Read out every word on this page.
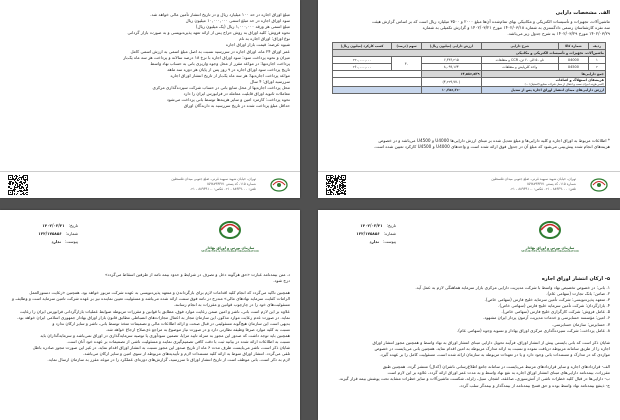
مبلغ اوراق اجاره در حد ۱۰۰ میلیارد ریال و در تاریخ انتشار تأمین مالی خواهد شد.
سود اوراق اجاره در حد مبلغ اسمی ۱۰,۰۰۰,۰۰۰ میلیون ریال
مبلغ اسمی هر ورقه ۱,۰۰۰,۰۰۰ ریال (یک میلیون ریال)
نحوه فروش: کلیه اوراق به روش حراج پس از ارائه تعهد پذیره‌نویسی و به صورت بازار گردانی
نوع اوراق: اوراق اجاره به نام
شیوه عرضه: قیمت بازار اوراق اجاره
عمر اوراق ۲۴ ماه، اوراق اجاره در سررسید نسبت به اصل مبلغ اسمی به ارزش اسمی کامل
میزان و نحوه پرداخت سود: سود اوراق اجاره با نرخ ۱۸ درصد سالانه و پرداخت هر سه ماه یک‌بار
پرداخت اجاره‌بها: در مواعد مقرر از محل وجوه واریزی بانی به حساب نهاد واسط
تاریخ پرداخت سود اوراق اجاره در ۹ روز پس از پایان هر دوره سه ماهه
مواعد پرداخت اجاره‌بها: هر سه ماه یک‌بار از تاریخ انتشار اوراق اجاره
سررسید اوراق: ۴ سال
محل پرداخت اجاره‌بها از محل منابع بانی در حساب شرکت سپرده‌گذاری مرکزی
معاملات ثانویه اوراق قابلیت معامله در فرابورس ایران را دارد
نحوه پرداخت: کارمزد امین و سایر هزینه‌ها توسط بانی پرداخت می‌شود
حداقل مبلغ پرداخت شده در تاریخ سررسید به دارندگان اوراق
تهران، خیابان شهید سپهبد قرنی، ضلع جنوبی میدان فلسطین
شماره ۱۱۵، کد پستی ۱۵۹۸۷۹۴۳۷۱
تلفن: ۸۸۹۳۹۰۰۰ - ۰۲۱ فکس: ۸۸۹۳۹۱۰۰ - ۰۲۱
الف. مشخصات دارایی
ماشین‌آلات، تجهیزات و تأسیسات الکتریکی و مکانیکی بهای تمام‌شده آن‌ها مبلغ ۲۰۰۰ و ۳۵۰۰ میلیارد ریال است که بر اساس گزارش هیئت
سه نفره کارشناسان رسمی دادگستری به شماره ۱۴۰۲/۰۳/۱۸ مورخ ۱۴۰۲/۰۳/۲۱ و گزارش تکمیلی به شماره
۱۴۰۲/۰۳/۲۹ مورخ ۱۴۰۲/۰۳/۲۹ به شرح جدول زیر می‌باشد.
ردیف	شماره کالا	شرح دارایی	ارزش دارایی (میلیون ریال)	سهم (درصد)	کسب کارکرد (میلیون ریال)
ماشین‌آلات، تجهیزات و تأسیسات الکتریکی و مکانیکی					
۱	U4000	ناو ۵۰ الی ۶۰ تن، CCR و متعلقات	۶,۳۳۶,۲۱۵	۳۰	۲۲۰,۰۰۰,۰۰۰
۲	U4500	واحد کلرپایش و متعلقات	۸,۰۹۹,۱۶۴		۲۶۰,۰۰۰,۰۰۰
جمع دارایی‌ها			۱۴,۵۸۶,۵۲۹		

هزینه‌های استهلاک و اضافات
(کسر هزینه اجرای نصب و انتقال از محل شرکت صنایع (لاستیک) ...)			(۴,۲۲۹,۷۷۰)		
ارزش دارایی‌های مبنای انتشار اوراق اجاره پس از تعدیل			۱۰,۳۵۶,۳۶۰		
* اطلاعات مربوط به اوراق اجاره و کلیه دارایی‌ها و مبلغ تعدیل شده بر مبنای ارزش دارایی‌ها U4000 و U4500 می‌باشد و در خصوص
هزینه‌های انجام شده پیش‌بینی می‌شود که مبلغ آن در جدول فوق ارائه شده است و واحدهای U4000 و U4500 کارکرد تعیین شده است.
تهران، خیابان شهید سپهبد قرنی، ضلع جنوبی میدان فلسطین
شماره ۱۱۵، کد پستی ۱۵۹۸۷۹۴۳۷۱
تلفن: ۸۸۹۳۹۰۰۰ - ۰۲۱ فکس: ۸۸۹۳۹۱۰۰ - ۰۲۱
تاریخ:۱۴۰۲/۰۳/۲۱
شماره:۱۲۲/۱۷۵۸۵۶
پیوست:ندارد
سازمان بورس و اوراق بهادار
SECURITIES & EXCHANGE ORGANIZATION
د. متن بیمه‌نامه عبارت «حق هرگونه دخل و تصرف در شرایط و حدود بیمه نامه از طرفین اسقاط می‌گردد»
درج شود.

همچنین تاکید می‌گردد که انجام کلیه اقدامات لازم برای بازگرداندن و متعهد پذیره‌نویسی به عهده شرکت مزبور خواهد بود. همچنین «رعایت دستورالعمل
الزامات کفایت سرمایه نهادهای مالی» مندرج در نامه فوق سمت ارائه شده می‌باشد و مسئولیت تعیین نماینده نیز بر عهده شرکت تامین سرمایه است و وظایف و
مسئولیت‌های خود را در چارچوب قوانین و مقررات به انجام رسانند.
علاوه بر این لازم است بانی، ناشر و امین ضمن رعایت موارد فوق، مطابق با قوانین و مقررات مربوطه ضوابط عملیات بازارگردانی فرابورس ایران را رعایت
نماید. در صورت عدم رعایت موارد مذکور، این سازمان مجاز به اعمال مجازات‌های انضباطی مطابق قانون بازار اوراق بهادار جمهوری اسلامی ایران خواهد بود.
بدیهی است این سازمان هیچ‌گونه مسئولیتی در قبال صحت و ارائه اطلاعات مالی و تصمیمات متخذ توسط بانی، ناشر و سایر ارکان ندارد و
نسبت به کلیه موارد صرفا وظیفه نظارتی دارد و در صورت نیاز موضوع به مراجع ذی‌صلاح ارجاع خواهد شد.
همچنین باید توجه داشت که صدور این مجوز به منزله تایید مزایا، تضمین سودآوری یا توصیه سرمایه‌گذاری در اوراق نمی‌باشد و سرمایه‌گذاران باید
نسبت به اطلاعات ارائه شده در بیانیه ثبت با دقت کافی تصمیم‌گیری نمایند و مسئولیت ناشی از تصمیمات بر عهده خود آنان است.
شایان ذکر است، ناشر می‌بایست ظرف مدت ۶ ماه از تاریخ صدور این مجوز نسبت به انتشار اوراق اقدام نماید. در غیر این صورت مجوز صادره باطل
تلقی می‌گردد. انتشار اوراق منوط به ارائه کلیه مستندات لازم و تأییدیه‌های مربوطه از سوی امین و سایر ارکان می‌باشد.
لازم به ذکر است، بانی موظف است از تاریخ انتشار اوراق تا سررسید، گزارش‌های دوره‌ای عملکرد را در موعد مقرر به سازمان ارسال نماید.
تاریخ:۱۴۰۲/۰۳/۲۱
شماره:۱۲۲/۱۷۵۸۵۶
پیوست:ندارد
سازمان بورس و اوراق بهادار
SECURITIES & EXCHANGE ORGANIZATION
۵- ارکان انتشار اوراق اجاره
۱. بانی: در خصوص تخصیص نهاد واسط با شرکت مدیریت دارایی مرکزی بازار سرمایه هماهنگی لازم به عمل آید.
۲. ضامن: بانک تجارت (سهامی عام).
۳. متعهد پذیره‌نویسی: شرکت تأمین سرمایه خلیج فارس (سهامی خاص).
۴. بازارگردان: شرکت تأمین سرمایه خلیج فارس (سهامی خاص).
۵. عامل فروش: شرکت کارگزاری خلیج فارس (سهامی خاص).
۶. امین: مؤسسه حسابرسی و خدمات مدیریت آزمون پرداز ایران مشهود.
۷. حسابرس: سازمان حسابرسی.
۸. عامل پرداخت: شرکت سپرده‌گذاری مرکزی اوراق بهادار و تسویه وجوه (سهامی عام).

شایان ذکر است که بانی بایستی پیش از انتشار اوراق، فرآیند تحویل دارایی مبنای انتشار اوراق به نهاد واسط و همچنین مجوز انتشار اوراق
اجاره را از طریق سامانه مربوطه دریافت نموده و نسبت به ارائه مدارک مربوطه به امین اقدام نماید. همچنین بانی می‌بایست در خصوص
مواردی که در مدارک و مستندات بانی وجود دارد و یا در تعهدات مربوطه به سازمان ارائه شده است، مسئولیت کامل را بر عهده گیرد.

الف- قراردادهای اجاره و سایر قراردادهای مرتبط می‌بایست در سامانه جامع اطلاع‌رسانی ناشران (کدال) منتشر گردد. همچنین طبق
مقررات، بیمه‌نامه دارایی‌های مبنای انتشار اوراق اجاره به نفع نهاد واسط و به مدت عمر اوراق ارائه گردد، علاوه بر این لازم است
ب- دارایی‌ها در قبال کلیه خطرات ناشی از آتش‌سوزی، صاعقه، انفجار، سیل، زلزله، شکست ماشین‌آلات و سایر خطرات مشابه تحت پوشش بیمه قرار گیرند.
ج- ذینفع بیمه‌نامه نهاد واسط بوده و حق فسخ بیمه‌نامه از بیمه‌گذار و بیمه‌گر سلب گردد.
